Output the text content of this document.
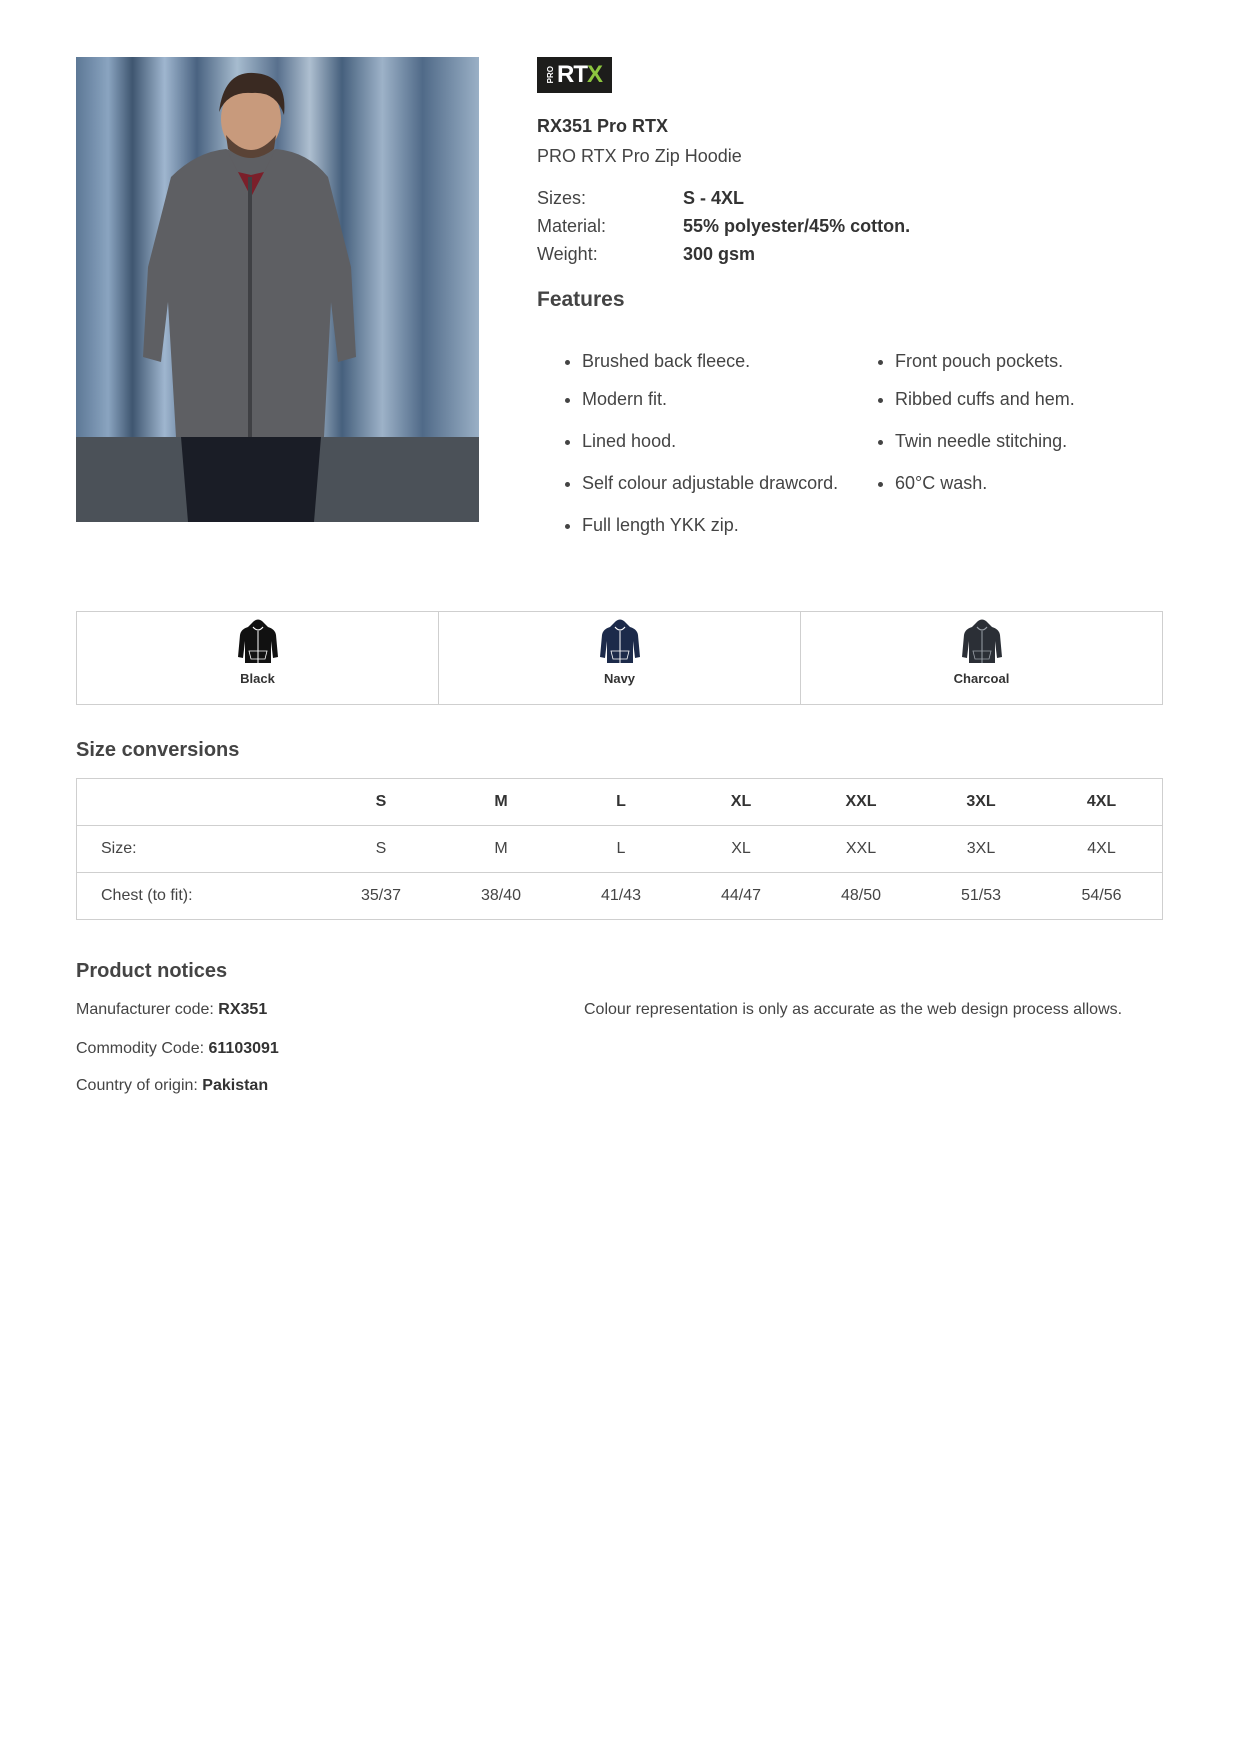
PRO RT X
RX351 Pro RTX
PRO RTX Pro Zip Hoodie
Sizes:	S - 4XL
Material:	55% polyester/45% cotton.
Weight:	300 gsm
Features
• Brushed back fleece.
• Modern fit.
• Lined hood.
• Self colour adjustable drawcord.
• Full length YKK zip.
• Front pouch pockets.
• Ribbed cuffs and hem.
• Twin needle stitching.
• 60°C wash.
Black	Navy	Charcoal
Size conversions
	S	M	L	XL	XXL	3XL	4XL
Size:	S	M	L	XL	XXL	3XL	4XL
Chest (to fit):	35/37	38/40	41/43	44/47	48/50	51/53	54/56
Product notices
Manufacturer code: RX351
Commodity Code: 61103091
Country of origin: Pakistan
Colour representation is only as accurate as the web design process allows.
